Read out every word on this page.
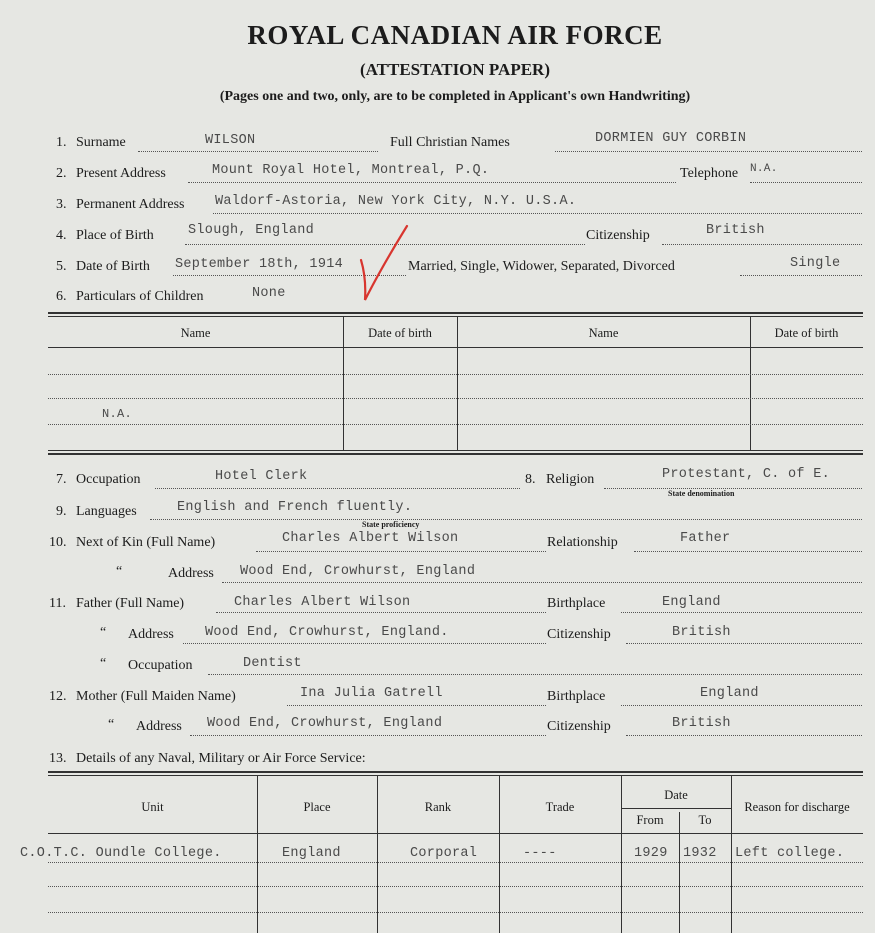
ROYAL CANADIAN AIR FORCE
(ATTESTATION PAPER)
(Pages one and two, only, are to be completed in Applicant's own Handwriting)
1. Surname	WILSON	Full Christian Names	DORMIEN GUY CORBIN
2. Present Address	Mount Royal Hotel, Montreal, P.Q.	Telephone N.A.
3. Permanent Address Waldorf-Astoria, New York City, N.Y. U.S.A.
4. Place of Birth	Slough, England	Citizenship	British
5. Date of Birth September 18th, 1914	Married, Single, Widower, Separated, Divorced	Single
6. Particulars of Children	None
Name	Date of birth	Name	Date of birth
N.A.
7. Occupation	Hotel Clerk	8. Religion	Protestant, C. of E.
State denomination
9. Languages	English and French fluently.
State proficiency
10. Next of Kin (Full Name)	Charles Albert Wilson	Relationship	Father
“	Address Wood End, Crowhurst, England
11. Father (Full Name)	Charles Albert Wilson	Birthplace	England
“ Address Wood End, Crowhurst, England.	Citizenship	British
“ Occupation	Dentist
12. Mother (Full Maiden Name)	Ina Julia Gatrell	Birthplace	England
“ Address Wood End, Crowhurst, England	Citizenship	British
13. Details of any Naval, Military or Air Force Service:
Unit	Place	Rank	Trade
Date
From	To
Reason for discharge
C.O.T.C. Oundle College.	England	Corporal	----	1929 1932 Left college.
